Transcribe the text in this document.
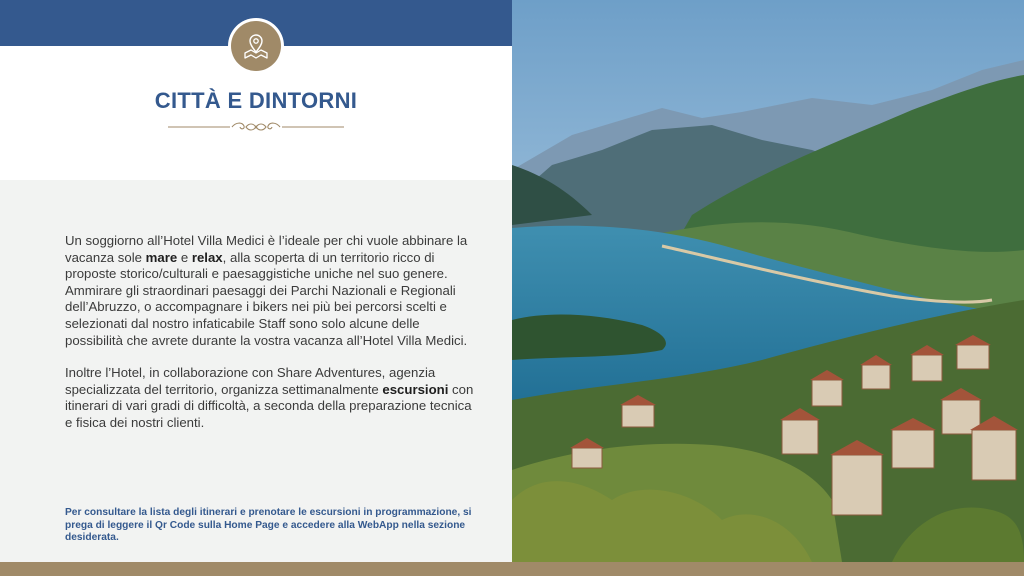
CITTÀ E DINTORNI

Un soggiorno all’Hotel Villa Medici è l’ideale per chi vuole abbinare la vacanza sole mare e relax, alla scoperta di un territorio ricco di proposte storico/culturali e paesaggistiche uniche nel suo genere.

Ammirare gli straordinari paesaggi dei Parchi Nazionali e Regionali dell’Abruzzo, o accompagnare i bikers nei più bei percorsi scelti e selezionati dal nostro infaticabile Staff sono solo alcune delle possibilità che avrete durante la vostra vacanza all’Hotel Villa Medici.

Inoltre l’Hotel, in collaborazione con Share Adventures, agenzia specializzata del territorio, organizza settimanalmente escursioni con itinerari di vari gradi di difficoltà, a seconda della preparazione tecnica e fisica dei nostri clienti.

Per consultare la lista degli itinerari e prenotare le escursioni in programmazione, si prega di leggere il Qr Code sulla Home Page e accedere alla WebApp nella sezione desiderata.
